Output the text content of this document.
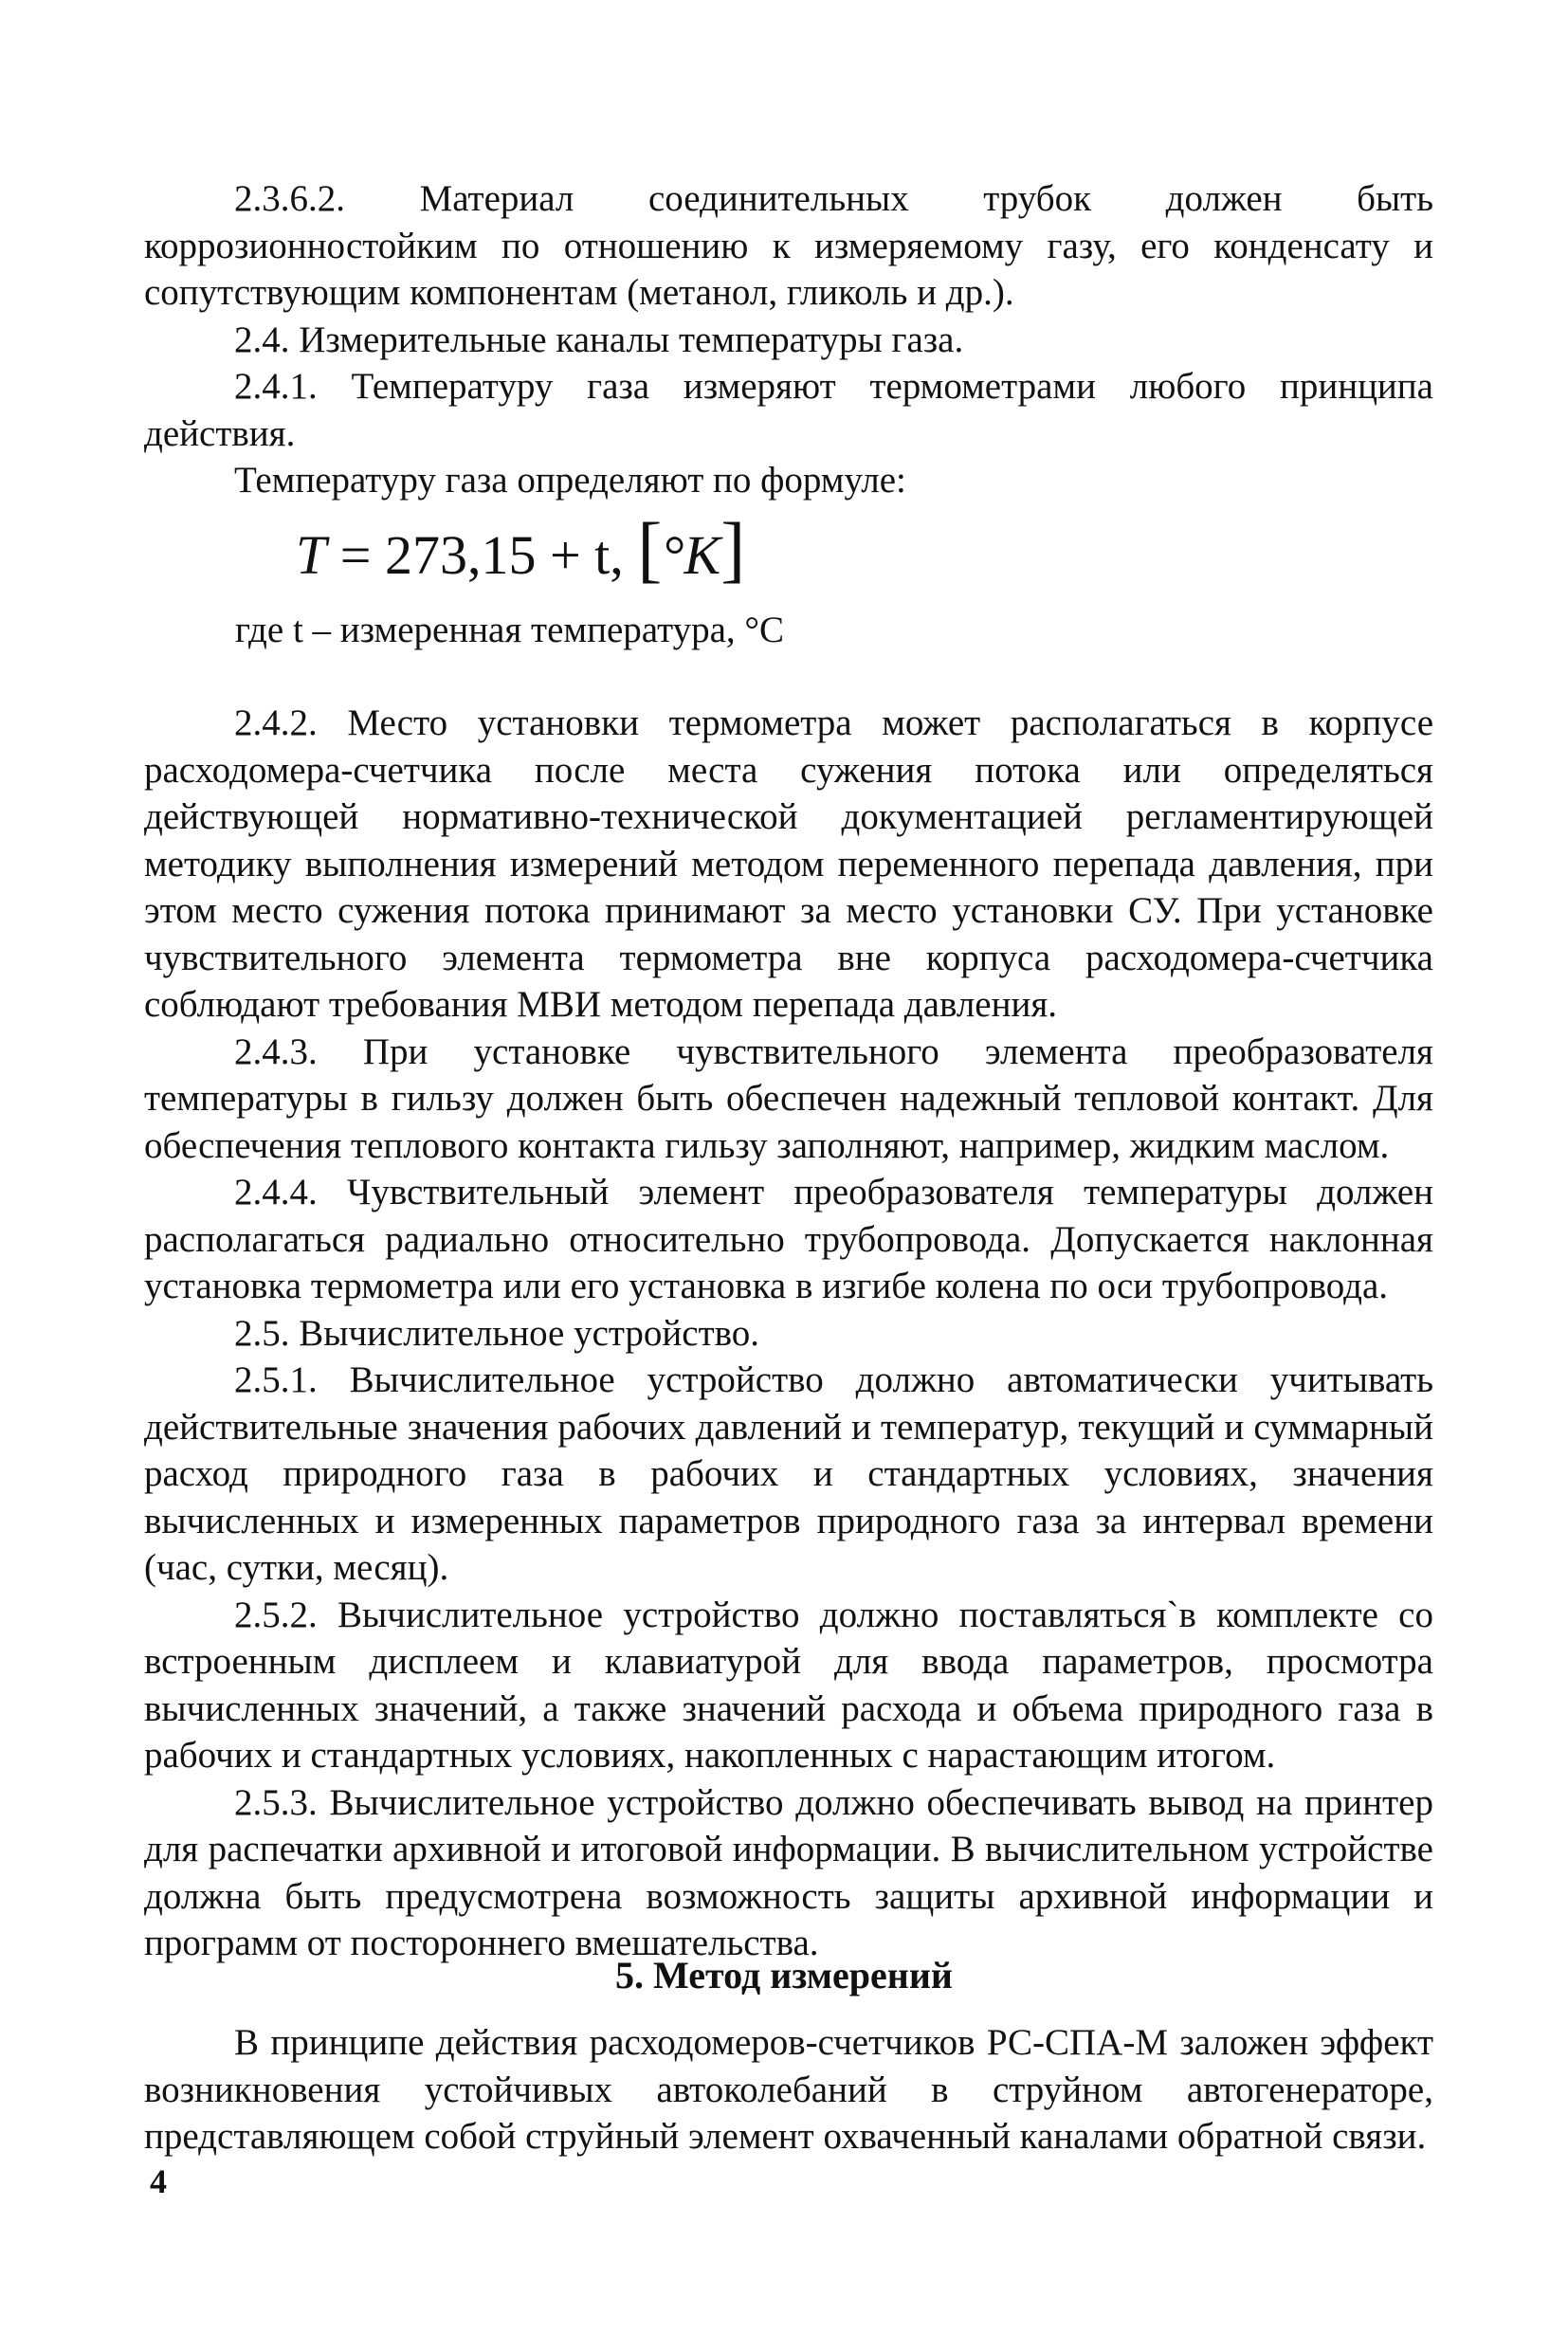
2.3.6.2. Материал соединительных трубок должен быть коррозионностойким по отношению к измеряемому газу, его конденсату и сопутствующим компонентам (метанол, гликоль и др.).

2.4. Измерительные каналы температуры газа.

2.4.1. Температуру газа измеряют термометрами любого принципа действия.

Температуру газа определяют по формуле:

T = 273,15 + t, [°K]
где t – измеренная температура, °С

2.4.2. Место установки термометра может располагаться в корпусе расходомера-счетчика после места сужения потока или определяться действующей нормативно-технической документацией регламентирующей методику выполнения измерений методом переменного перепада давления, при этом место сужения потока принимают за место установки СУ. При установке чувствительного элемента термометра вне корпуса расходомера-счетчика соблюдают требования МВИ методом перепада давления.

2.4.3. При установке чувствительного элемента преобразователя температуры в гильзу должен быть обеспечен надежный тепловой контакт. Для обеспечения теплового контакта гильзу заполняют, например, жидким маслом.

2.4.4. Чувствительный элемент преобразователя температуры должен располагаться радиально относительно трубопровода. Допускается наклонная установка термометра или его установка в изгибе колена по оси трубопровода.

2.5. Вычислительное устройство.

2.5.1. Вычислительное устройство должно автоматически учитывать действительные значения рабочих давлений и температур, текущий и суммарный расход природного газа в рабочих и стандартных условиях, значения вычисленных и измеренных параметров природного газа за интервал времени (час, сутки, месяц).

2.5.2. Вычислительное устройство должно поставляться`в комплекте со встроенным дисплеем и клавиатурой для ввода параметров, просмотра вычисленных значений, а также значений расхода и объема природного газа в рабочих и стандартных условиях, накопленных с нарастающим итогом.

2.5.3. Вычислительное устройство должно обеспечивать вывод на принтер для распечатки архивной и итоговой информации. В вычислительном устройстве должна быть предусмотрена возможность защиты архивной информации и программ от постороннего вмешательства.

5. Метод измерений

В принципе действия расходомеров-счетчиков РС-СПА-М заложен эффект возникновения устойчивых автоколебаний в струйном автогенераторе, представляющем собой струйный элемент охваченный каналами обратной связи.

4
